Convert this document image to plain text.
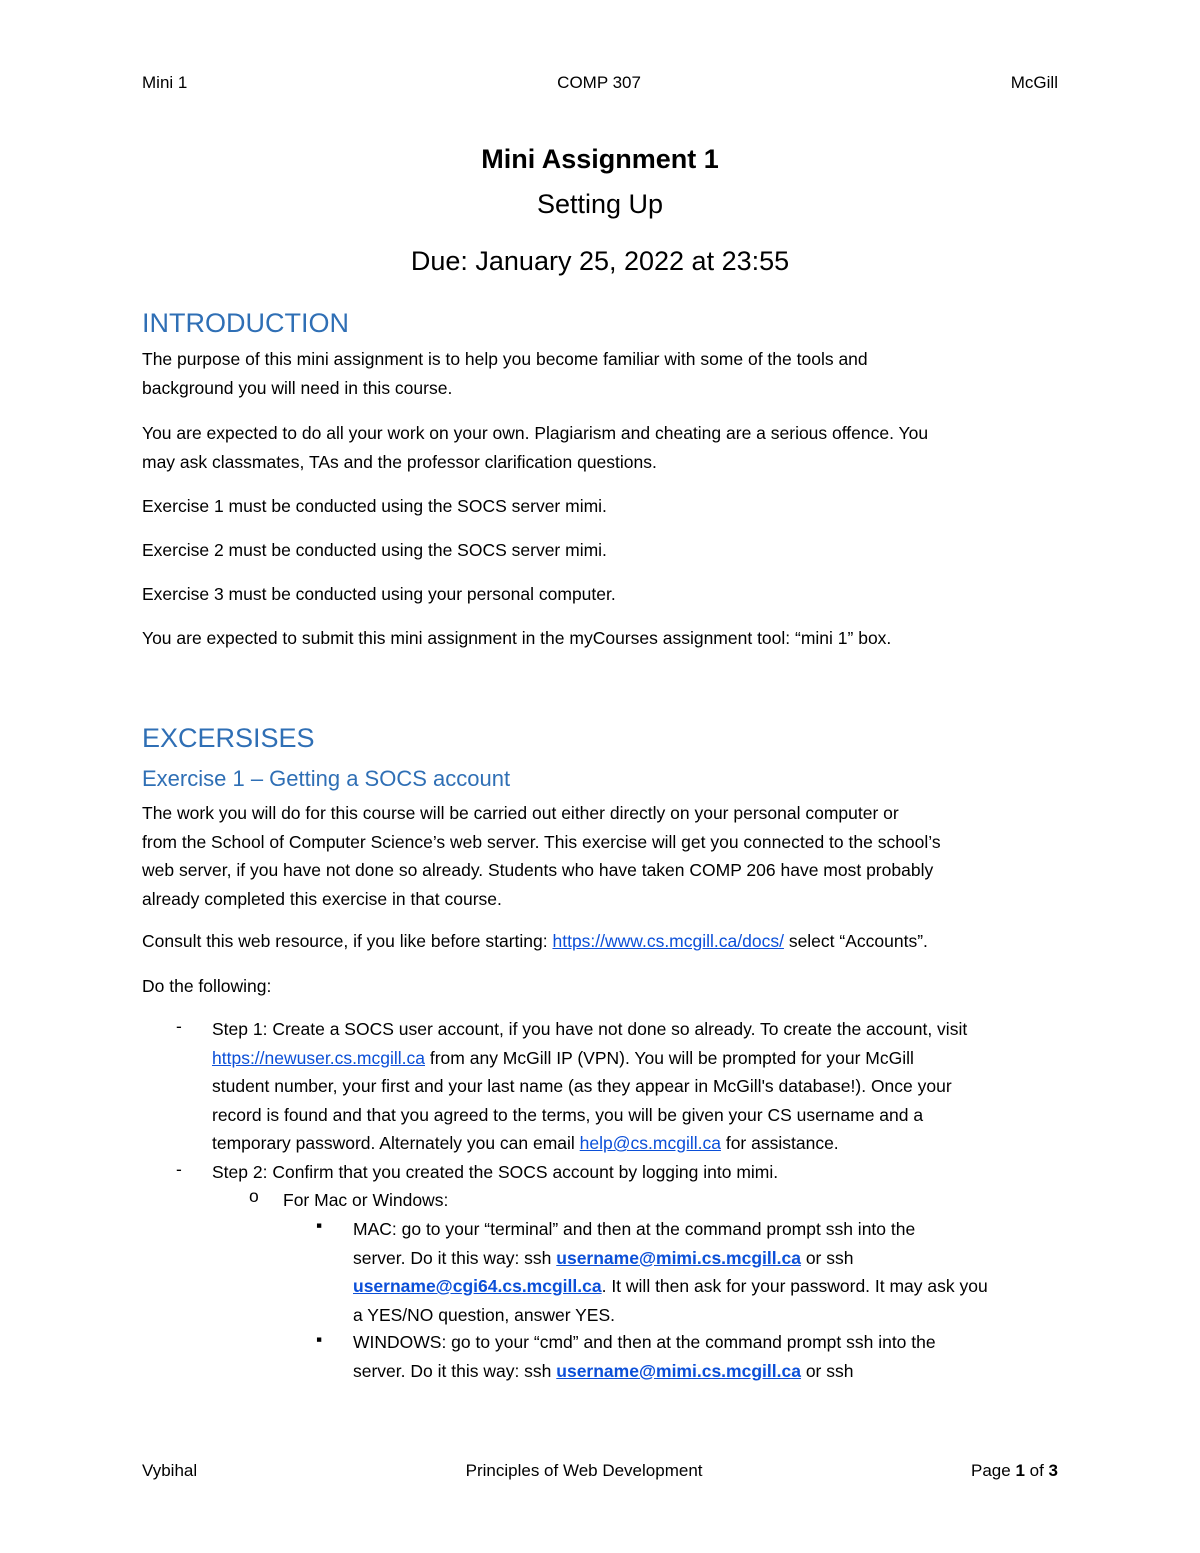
Mini 1	COMP 307	McGill
Mini Assignment 1
Setting Up
Due: January 25, 2022 at 23:55
INTRODUCTION
The purpose of this mini assignment is to help you become familiar with some of the tools and
background you will need in this course.
You are expected to do all your work on your own. Plagiarism and cheating are a serious offence. You
may ask classmates, TAs and the professor clarification questions.
Exercise 1 must be conducted using the SOCS server mimi.
Exercise 2 must be conducted using the SOCS server mimi.
Exercise 3 must be conducted using your personal computer.
You are expected to submit this mini assignment in the myCourses assignment tool: “mini 1” box.
EXCERSISES
Exercise 1 – Getting a SOCS account
The work you will do for this course will be carried out either directly on your personal computer or
from the School of Computer Science’s web server. This exercise will get you connected to the school’s
web server, if you have not done so already. Students who have taken COMP 206 have most probably
already completed this exercise in that course.
Consult this web resource, if you like before starting: https://www.cs.mcgill.ca/docs/ select “Accounts”.
Do the following:
- Step 1: Create a SOCS user account, if you have not done so already. To create the account, visit
https://newuser.cs.mcgill.ca from any McGill IP (VPN). You will be prompted for your McGill
student number, your first and your last name (as they appear in McGill's database!). Once your
record is found and that you agreed to the terms, you will be given your CS username and a
temporary password. Alternately you can email help@cs.mcgill.ca for assistance.
- Step 2: Confirm that you created the SOCS account by logging into mimi.
o For Mac or Windows:
▪ MAC: go to your “terminal” and then at the command prompt ssh into the
server. Do it this way: ssh username@mimi.cs.mcgill.ca or ssh
username@cgi64.cs.mcgill.ca. It will then ask for your password. It may ask you
a YES/NO question, answer YES.
▪ WINDOWS: go to your “cmd” and then at the command prompt ssh into the
server. Do it this way: ssh username@mimi.cs.mcgill.ca or ssh
Vybihal	Principles of Web Development	Page 1 of 3
